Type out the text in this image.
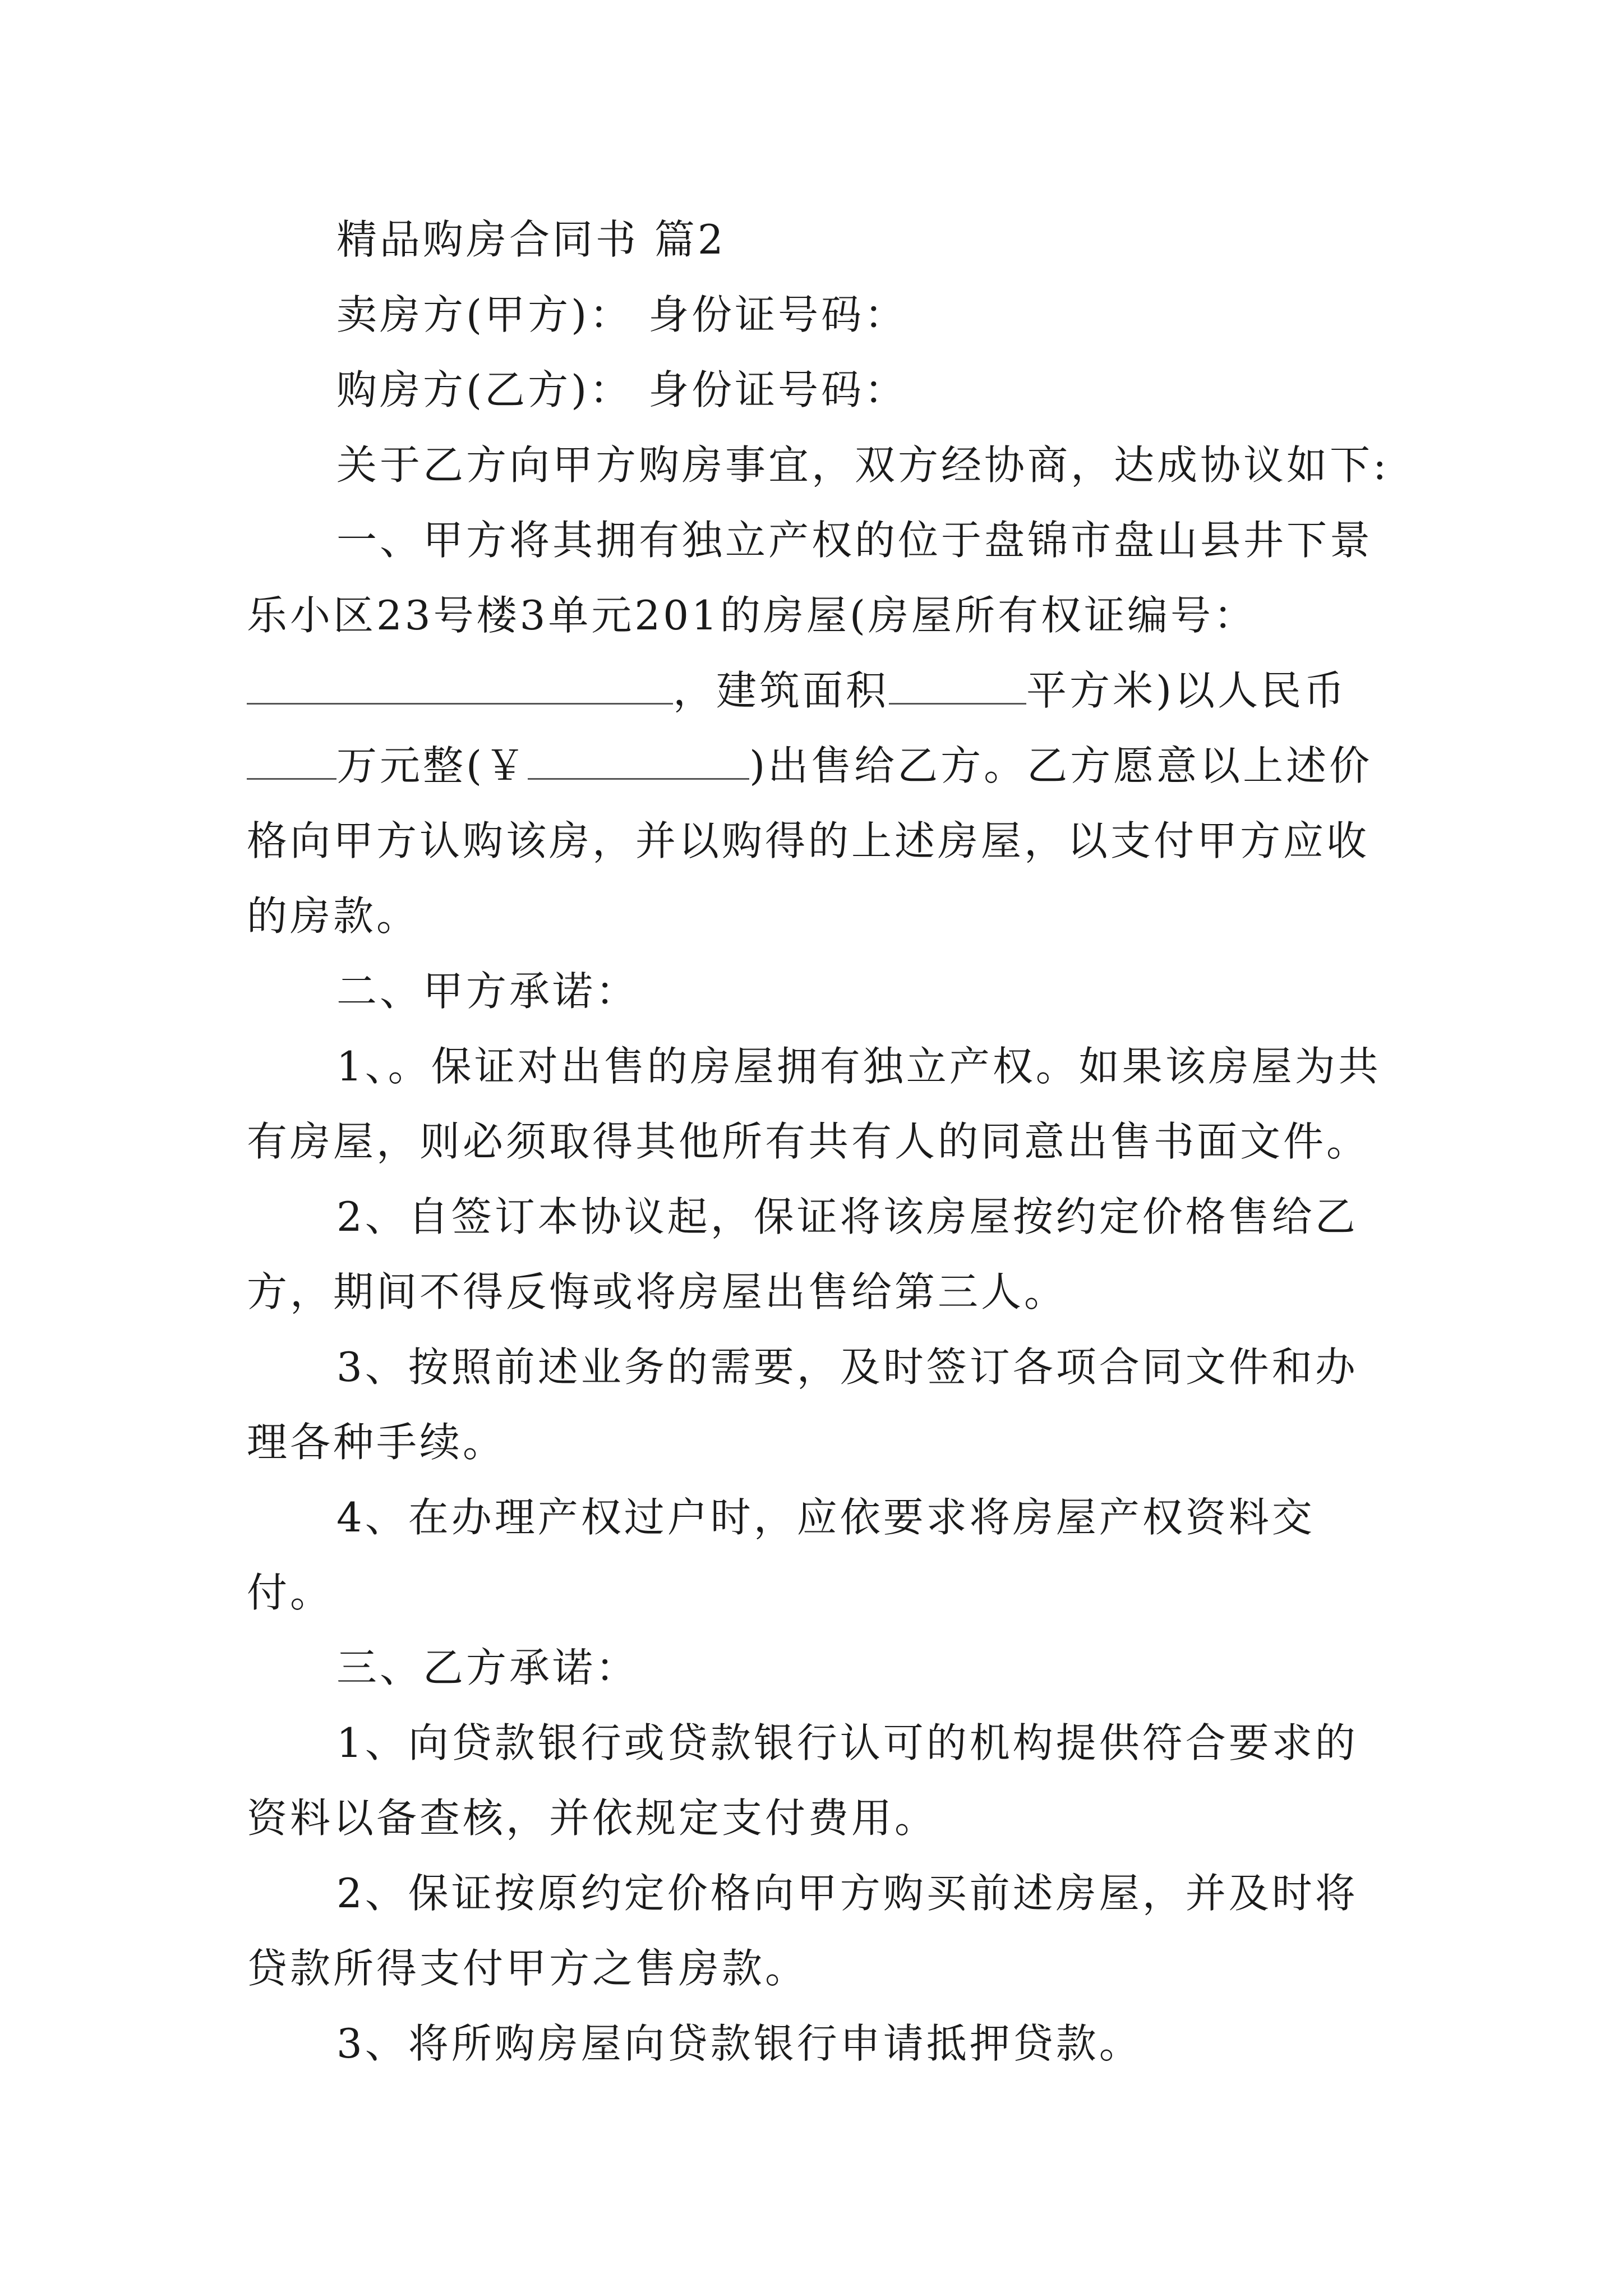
精品购房合同书 篇2

卖房方(甲方)： 身份证号码：

购房方(乙方)： 身份证号码：

关于乙方向甲方购房事宜，双方经协商，达成协议如下:

一、甲方将其拥有独立产权的位于盘锦市盘山县井下景乐小区23号楼3单元201的房屋(房屋所有权证编号：，建筑面积	平方米)以人民币万元整(￥	)出售给乙方。乙方愿意以上述价格向甲方认购该房，并以购得的上述房屋，以支付甲方应收的房款。

二、甲方承诺：

1、。保证对出售的房屋拥有独立产权。如果该房屋为共有房屋，则必须取得其他所有共有人的同意出售书面文件。

2、自签订本协议起，保证将该房屋按约定价格售给乙方，期间不得反悔或将房屋出售给第三人。

3、按照前述业务的需要，及时签订各项合同文件和办理各种手续。

4、在办理产权过户时，应依要求将房屋产权资料交付。

三、乙方承诺：

1、向贷款银行或贷款银行认可的机构提供符合要求的资料以备查核，并依规定支付费用。

2、保证按原约定价格向甲方购买前述房屋，并及时将贷款所得支付甲方之售房款。

3、将所购房屋向贷款银行申请抵押贷款。
